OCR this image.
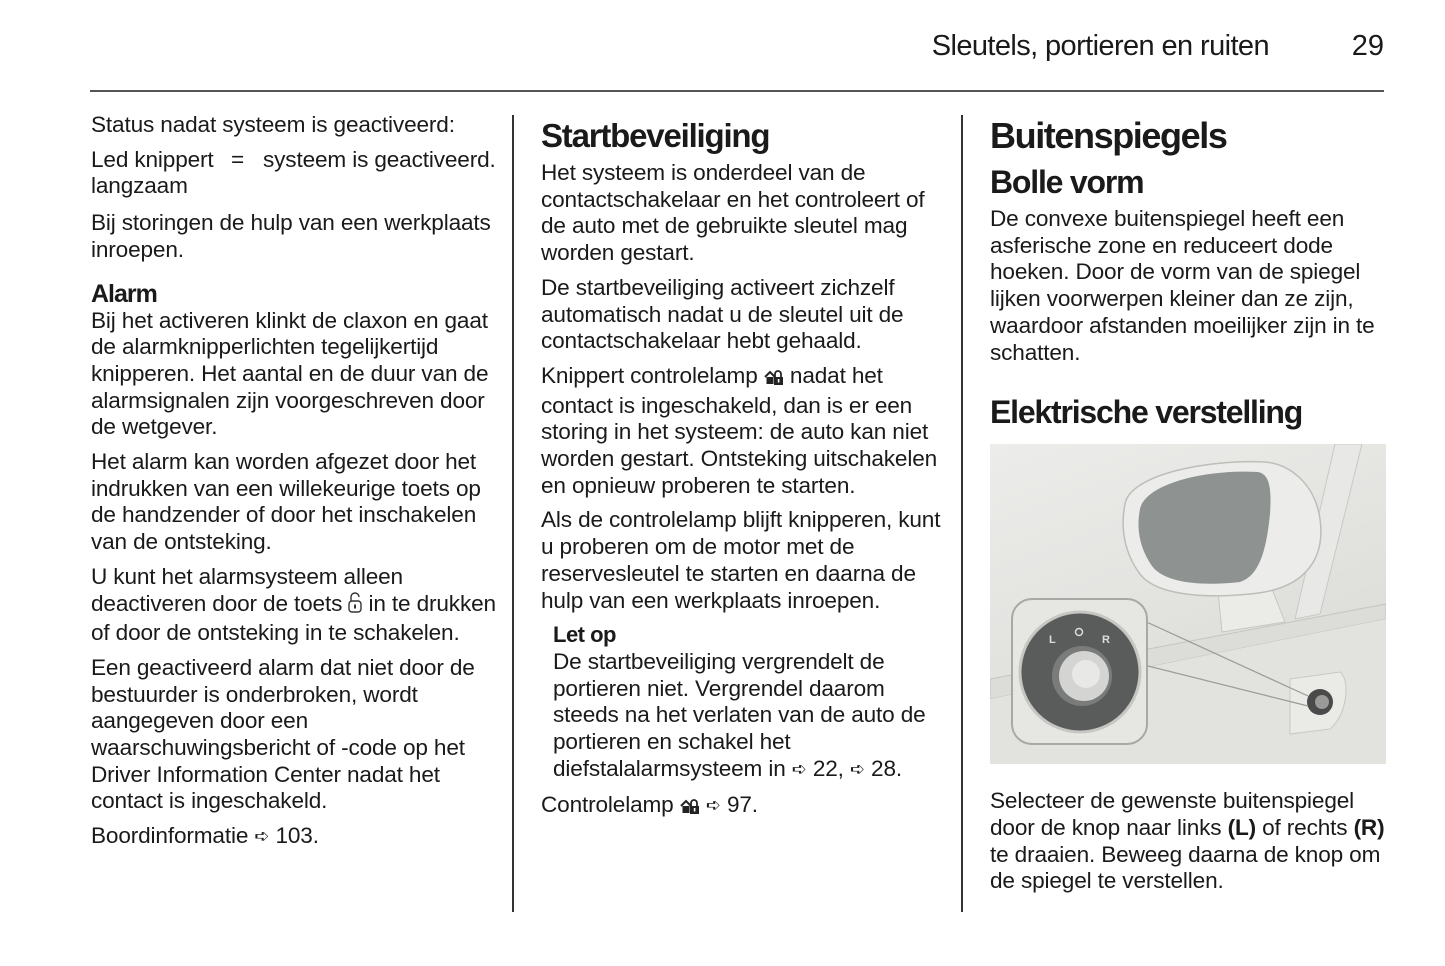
Sleutels, portieren en ruiten	29

Status nadat systeem is geactiveerd:

Led knippert langzaam
= systeem is geactiveerd.

Bij storingen de hulp van een werkplaats inroepen.

Alarm

Bij het activeren klinkt de claxon en gaat de alarmknipperlichten tegelijkertijd knipperen. Het aantal en de duur van de alarmsignalen zijn voorgeschreven door de wetgever.

Het alarm kan worden afgezet door het indrukken van een willekeurige toets op de handzender of door het inschakelen van de ontsteking.

U kunt het alarmsysteem alleen deactiveren door de toets in te drukken of door de ontsteking in te schakelen.

Een geactiveerd alarm dat niet door de bestuurder is onderbroken, wordt aangegeven door een waarschuwingsbericht of -code op het Driver Information Center nadat het contact is ingeschakeld.

Boordinformatie ➪ 103.

Startbeveiliging

Het systeem is onderdeel van de contactschakelaar en het controleert of de auto met de gebruikte sleutel mag worden gestart.

De startbeveiliging activeert zichzelf automatisch nadat u de sleutel uit de contactschakelaar hebt gehaald.

Knippert controlelamp nadat het contact is ingeschakeld, dan is er een storing in het systeem: de auto kan niet worden gestart. Ontsteking uitschakelen en opnieuw proberen te starten.

Als de controlelamp blijft knipperen, kunt u proberen om de motor met de reservesleutel te starten en daarna de hulp van een werkplaats inroepen.

Let op
De startbeveiliging vergrendelt de portieren niet. Vergrendel daarom steeds na het verlaten van de auto de portieren en schakel het diefstalalarmsysteem in ➪ 22, ➪ 28.

Controlelamp ➪ 97.

Buitenspiegels
Bolle vorm

De convexe buitenspiegel heeft een asferische zone en reduceert dode hoeken. Door de vorm van de spiegel lijken voorwerpen kleiner dan ze zijn, waardoor afstanden moeilijker zijn in te schatten.

Elektrische verstelling
L	R

Selecteer de gewenste buitenspiegel door de knop naar links (L) of rechts (R) te draaien. Beweeg daarna de knop om de spiegel te verstellen.
